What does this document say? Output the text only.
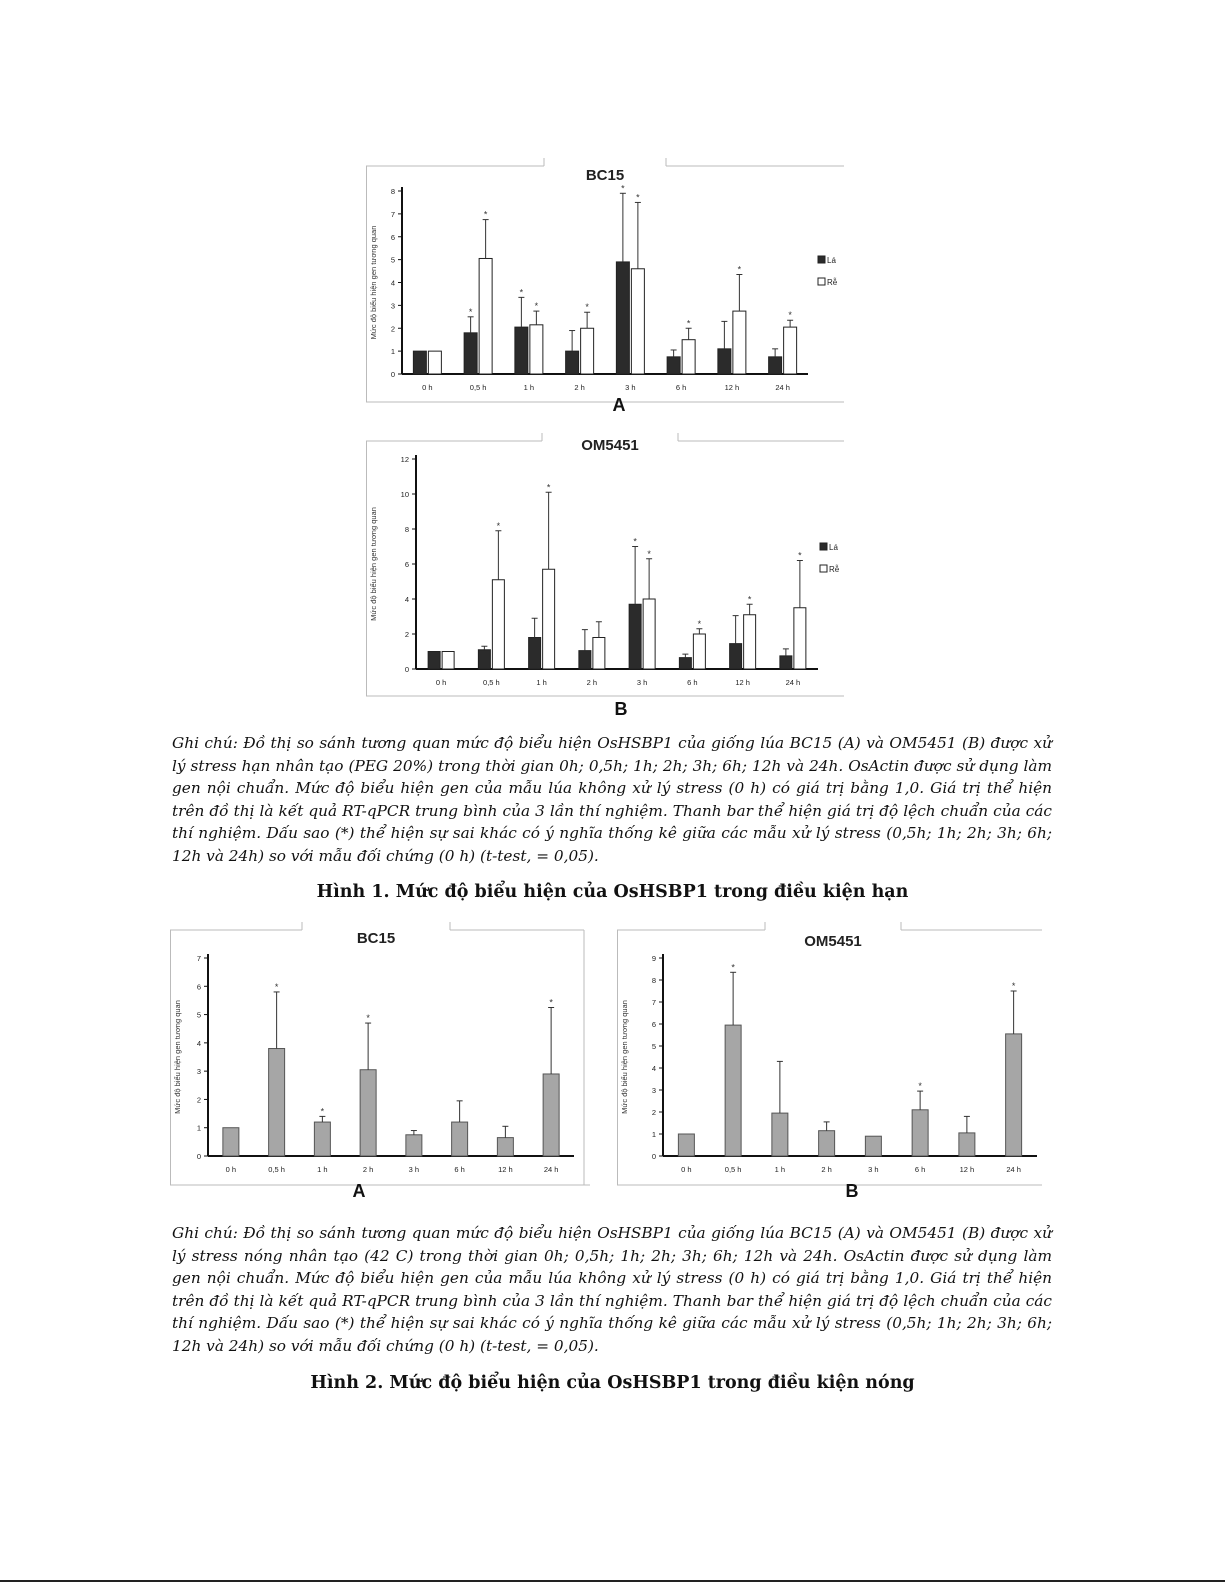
BC15
Mức độ biểu hiện gen tương quan
0
1
2
3
4
5
6
7
8
0 h	0,5 h
*
*
1 h
*
*
2 h
*
3 h
*
*
6 h
*
12 h
*
24 h
*
Lá
Rễ
A
OM5451
Mức độ biểu hiện gen tương quan
0
2
4
6
8
10
12
0 h	0,5 h
*
1 h
*
2 h	3 h
*
*
6 h
*
12 h
*
24 h
*
Lá
Rễ
B
Ghi chú: Đồ thị so sánh tương quan mức độ biểu hiện OsHSBP1 của giống lúa BC15 (A) và OM5451 (B) được xử lý stress hạn nhân tạo (PEG 20%) trong thời gian 0h; 0,5h; 1h; 2h; 3h; 6h; 12h và 24h. OsActin được sử dụng làm gen nội chuẩn. Mức độ biểu hiện gen của mẫu lúa không xử lý stress (0 h) có giá trị bằng 1,0. Giá trị thể hiện trên đồ thị là kết quả RT-qPCR trung bình của 3 lần thí nghiệm. Thanh bar thể hiện giá trị độ lệch chuẩn của các thí nghiệm. Dấu sao (*) thể hiện sự sai khác có ý nghĩa thống kê giữa các mẫu xử lý stress (0,5h; 1h; 2h; 3h; 6h; 12h và 24h) so với mẫu đối chứng (0 h) (t-test, = 0,05).
Hình 1. Mức độ biểu hiện của OsHSBP1 trong điều kiện hạn
BC15
Mức độ biểu hiện gen tương quan
0
1
2
3
4
5
6
7
0 h	0,5 h
*
1 h
*
2 h
*
3 h	6 h	12 h	24 h
*
A
OM5451
Mức độ biểu hiện gen tương quan
0
1
2
3
4
5
6
7
8
9
0 h	0,5 h
*
1 h	2 h	3 h	6 h
*
12 h	24 h
*
B
Ghi chú: Đồ thị so sánh tương quan mức độ biểu hiện OsHSBP1 của giống lúa BC15 (A) và OM5451 (B) được xử lý stress nóng nhân tạo (42 C) trong thời gian 0h; 0,5h; 1h; 2h; 3h; 6h; 12h và 24h. OsActin được sử dụng làm gen nội chuẩn. Mức độ biểu hiện gen của mẫu lúa không xử lý stress (0 h) có giá trị bằng 1,0. Giá trị thể hiện trên đồ thị là kết quả RT-qPCR trung bình của 3 lần thí nghiệm. Thanh bar thể hiện giá trị độ lệch chuẩn của các thí nghiệm. Dấu sao (*) thể hiện sự sai khác có ý nghĩa thống kê giữa các mẫu xử lý stress (0,5h; 1h; 2h; 3h; 6h; 12h và 24h) so với mẫu đối chứng (0 h) (t-test, = 0,05).
Hình 2. Mức độ biểu hiện của OsHSBP1 trong điều kiện nóng
